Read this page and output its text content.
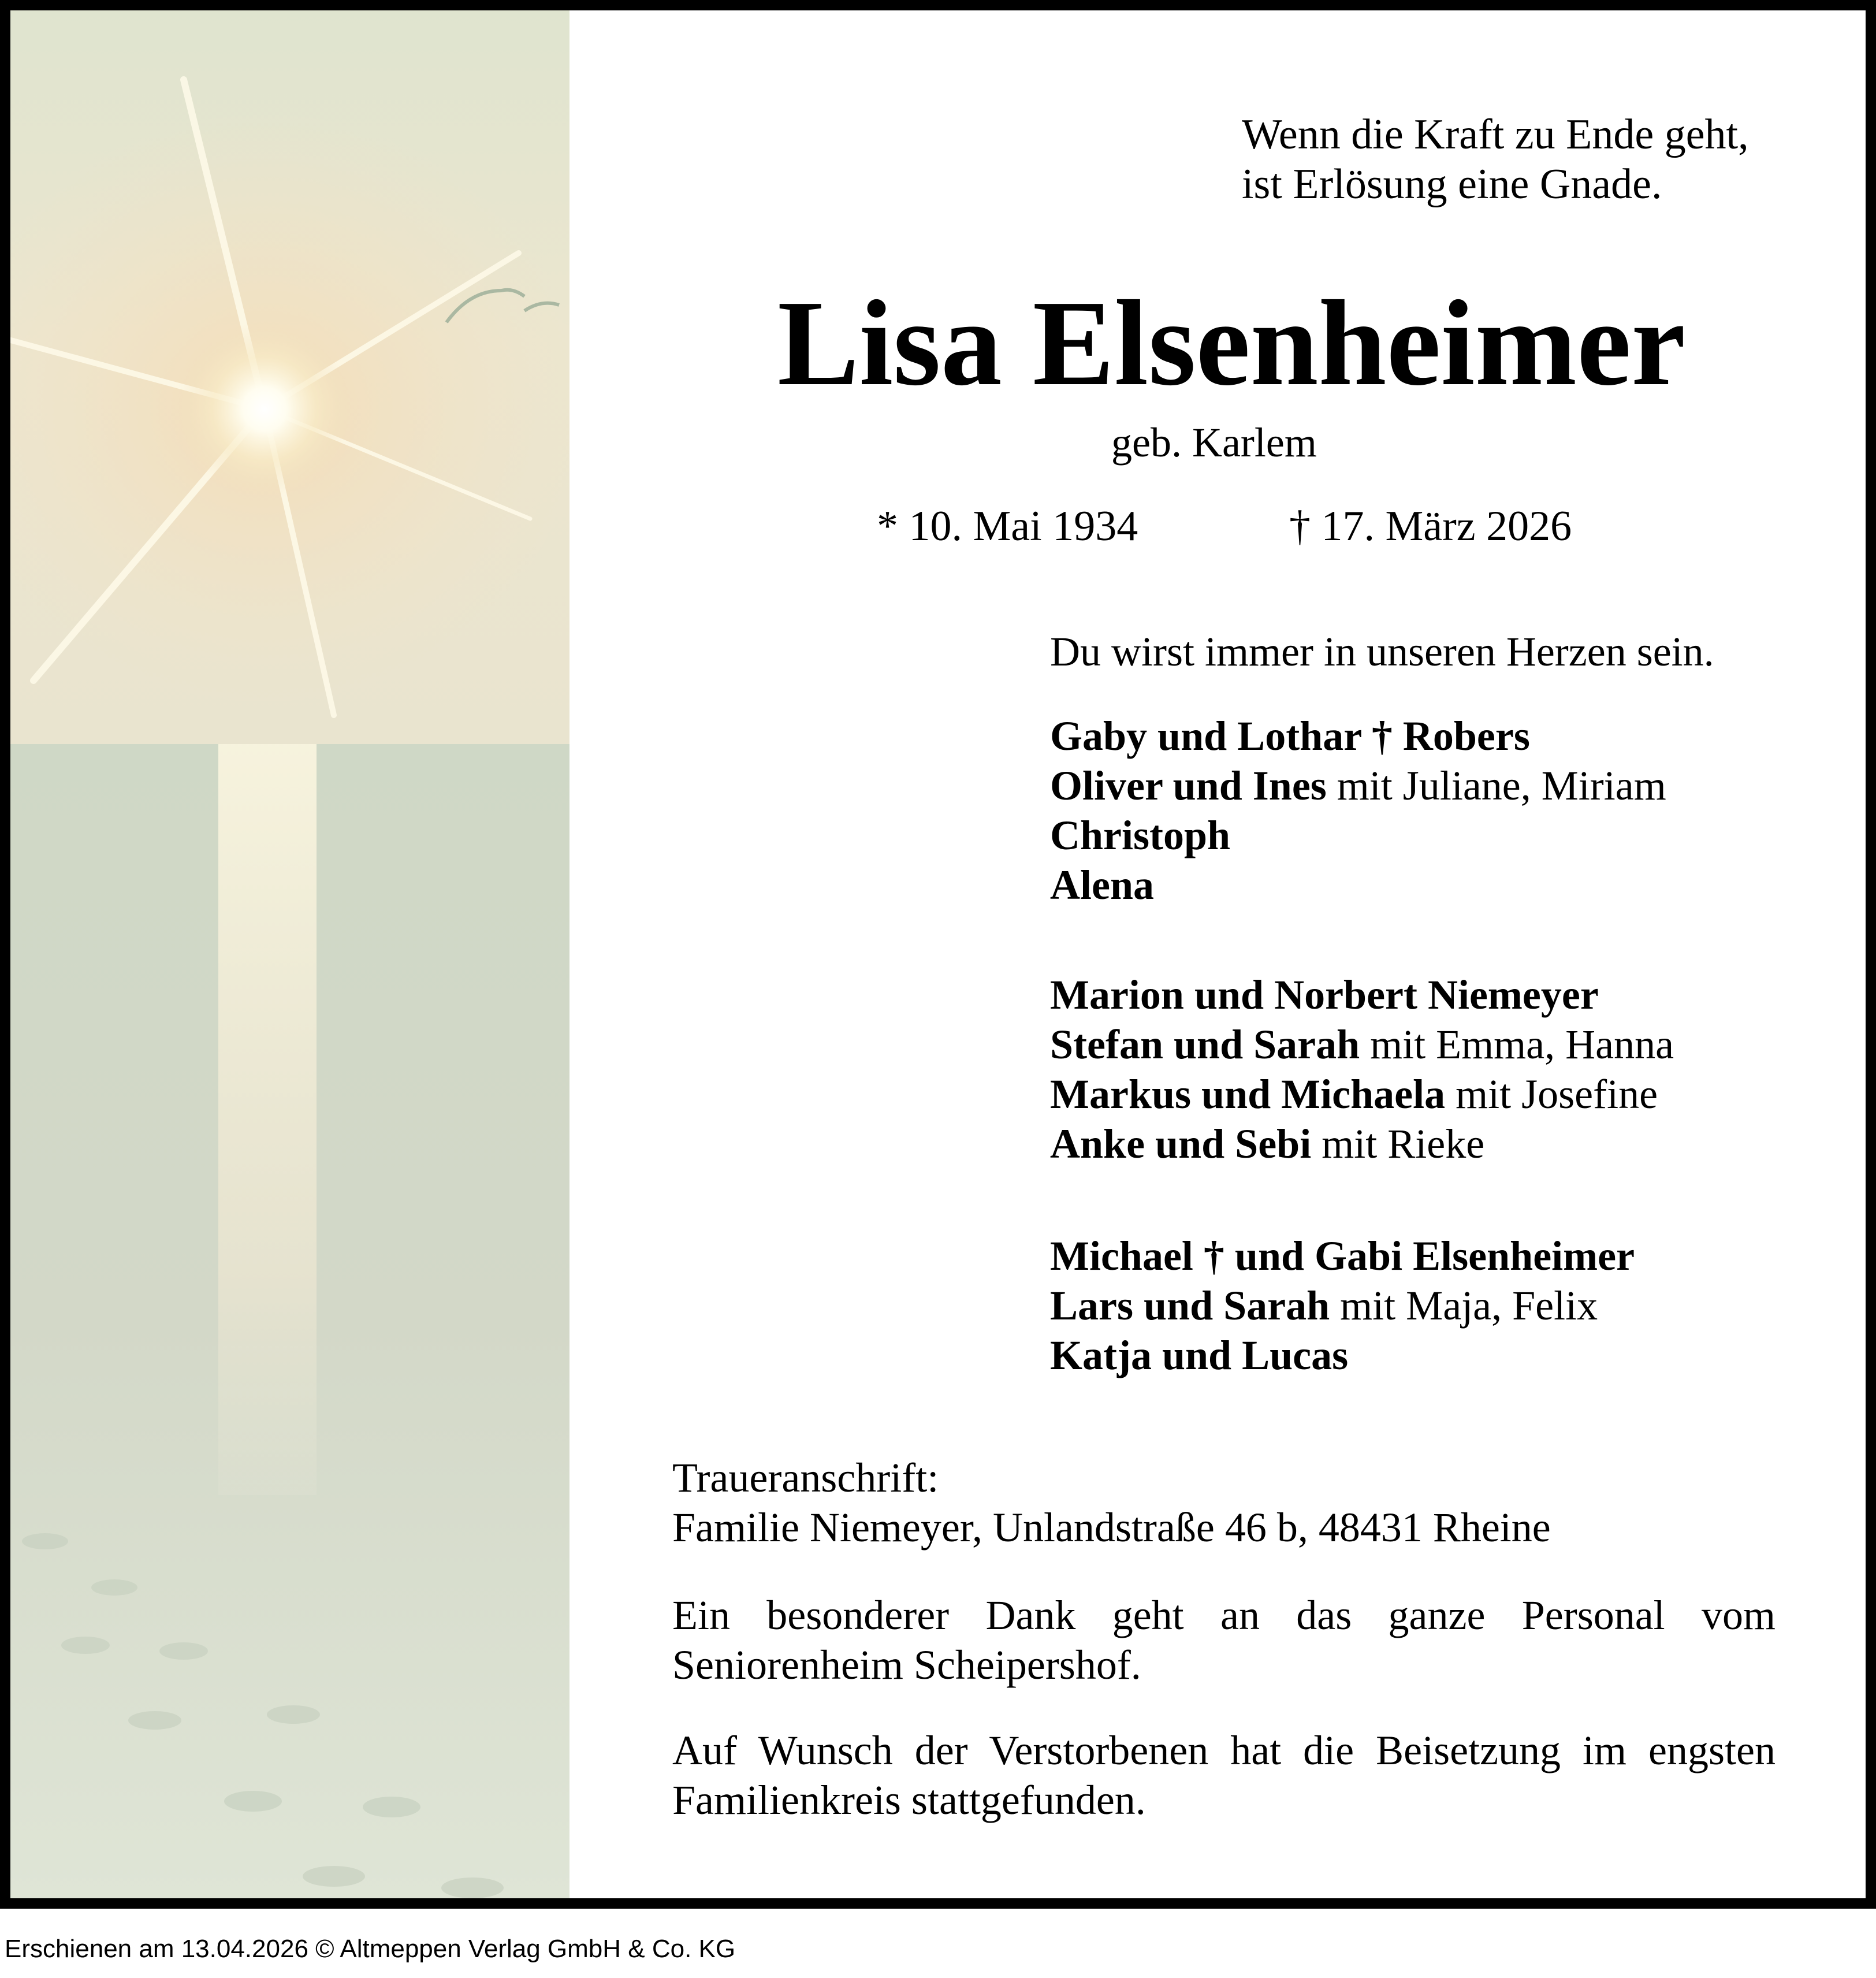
Wenn die Kraft zu Ende geht,
ist Erlösung eine Gnade.
Lisa Elsenheimer
geb. Karlem
* 10. Mai 1934	† 17. März 2026
Du wirst immer in unseren Herzen sein.
Gaby und Lothar † Robers
Oliver und Ines mit Juliane, Miriam
Christoph
Alena
Marion und Norbert Niemeyer
Stefan und Sarah mit Emma, Hanna
Markus und Michaela mit Josefine
Anke und Sebi mit Rieke
Michael † und Gabi Elsenheimer
Lars und Sarah mit Maja, Felix
Katja und Lucas
Traueranschrift:
Familie Niemeyer, Unlandstraße 46 b, 48431 Rheine
Ein besonderer Dank geht an das ganze Personal vom
Seniorenheim Scheipershof.
Auf Wunsch der Verstorbenen hat die Beisetzung im engsten
Familienkreis stattgefunden.
Erschienen am 13.04.2026 © Altmeppen Verlag GmbH & Co. KG
